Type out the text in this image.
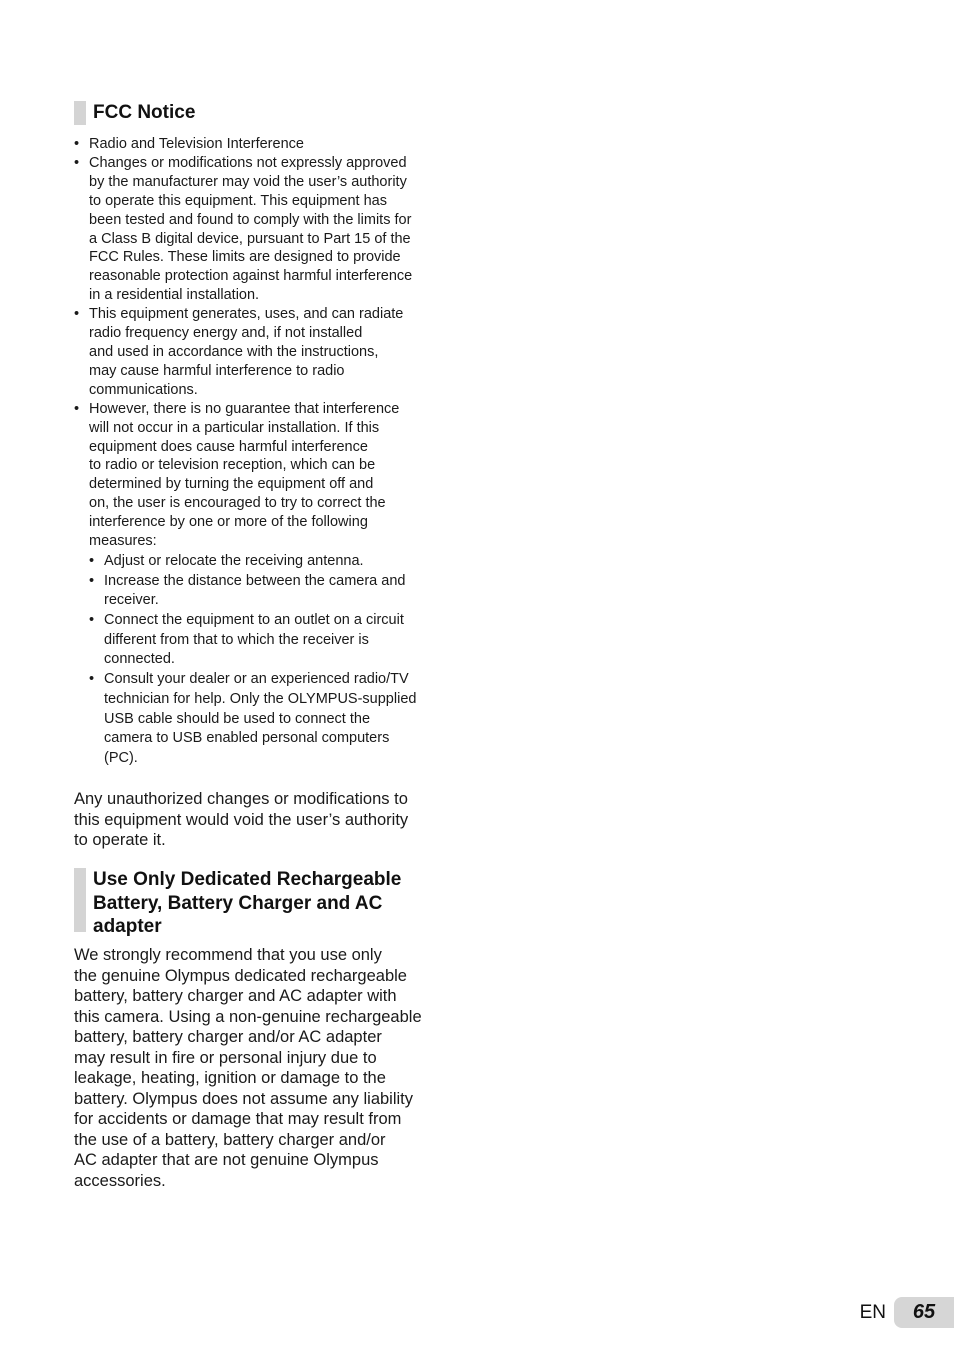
FCC Notice
• Radio and Television Interference
• Changes or modifications not expressly approved
by the manufacturer may void the user’s authority
to operate this equipment. This equipment has
been tested and found to comply with the limits for
a Class B digital device, pursuant to Part 15 of the
FCC Rules. These limits are designed to provide
reasonable protection against harmful interference
in a residential installation.
• This equipment generates, uses, and can radiate
radio frequency energy and, if not installed
and used in accordance with the instructions,
may cause harmful interference to radio
communications.
• However, there is no guarantee that interference
will not occur in a particular installation. If this
equipment does cause harmful interference
to radio or television reception, which can be
determined by turning the equipment off and
on, the user is encouraged to try to correct the
interference by one or more of the following
measures:
• Adjust or relocate the receiving antenna.
• Increase the distance between the camera and
receiver.
• Connect the equipment to an outlet on a circuit
different from that to which the receiver is
connected.
• Consult your dealer or an experienced radio/TV
technician for help. Only the OLYMPUS-supplied
USB cable should be used to connect the
camera to USB enabled personal computers
(PC).

Any unauthorized changes or modifications to
this equipment would void the user’s authority
to operate it.

Use Only Dedicated Rechargeable Battery, Battery Charger and AC adapter

We strongly recommend that you use only
the genuine Olympus dedicated rechargeable
battery, battery charger and AC adapter with
this camera. Using a non-genuine rechargeable
battery, battery charger and/or AC adapter
may result in fire or personal injury due to
leakage, heating, ignition or damage to the
battery. Olympus does not assume any liability
for accidents or damage that may result from
the use of a battery, battery charger and/or
AC adapter that are not genuine Olympus
accessories.

EN	65
